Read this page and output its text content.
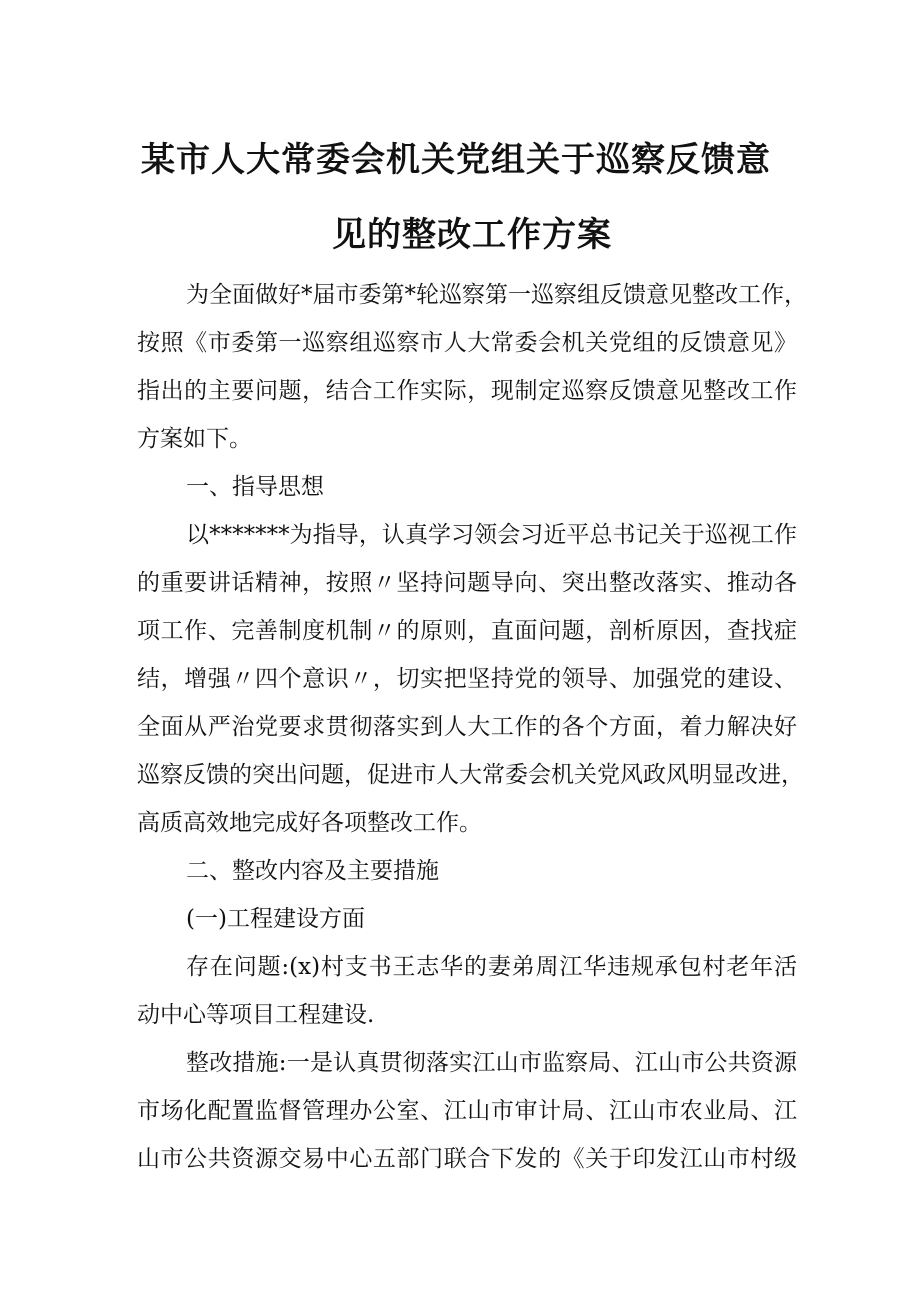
某市人大常委会机关党组关于巡察反馈意
见的整改工作方案
为全面做好*届市委第*轮巡察第一巡察组反馈意见整改工作，
按照《市委第一巡察组巡察市人大常委会机关党组的反馈意见》
指出的主要问题，结合工作实际，现制定巡察反馈意见整改工作
方案如下。
一、指导思想
以*******为指导，认真学习领会习近平总书记关于巡视工作
的重要讲话精神，按照〃坚持问题导向、突出整改落实、推动各
项工作、完善制度机制〃的原则，直面问题，剖析原因，查找症
结，增强〃四个意识〃，切实把坚持党的领导、加强党的建设、
全面从严治党要求贯彻落实到人大工作的各个方面，着力解决好
巡察反馈的突出问题，促进市人大常委会机关党风政风明显改进，
高质高效地完成好各项整改工作。
二、整改内容及主要措施
(一)工程建设方面
存在问题:(x)村支书王志华的妻弟周江华违规承包村老年活
动中心等项目工程建设.
整改措施:一是认真贯彻落实江山市监察局、江山市公共资源
市场化配置监督管理办公室、江山市审计局、江山市农业局、江
山市公共资源交易中心五部门联合下发的《关于印发江山市村级
